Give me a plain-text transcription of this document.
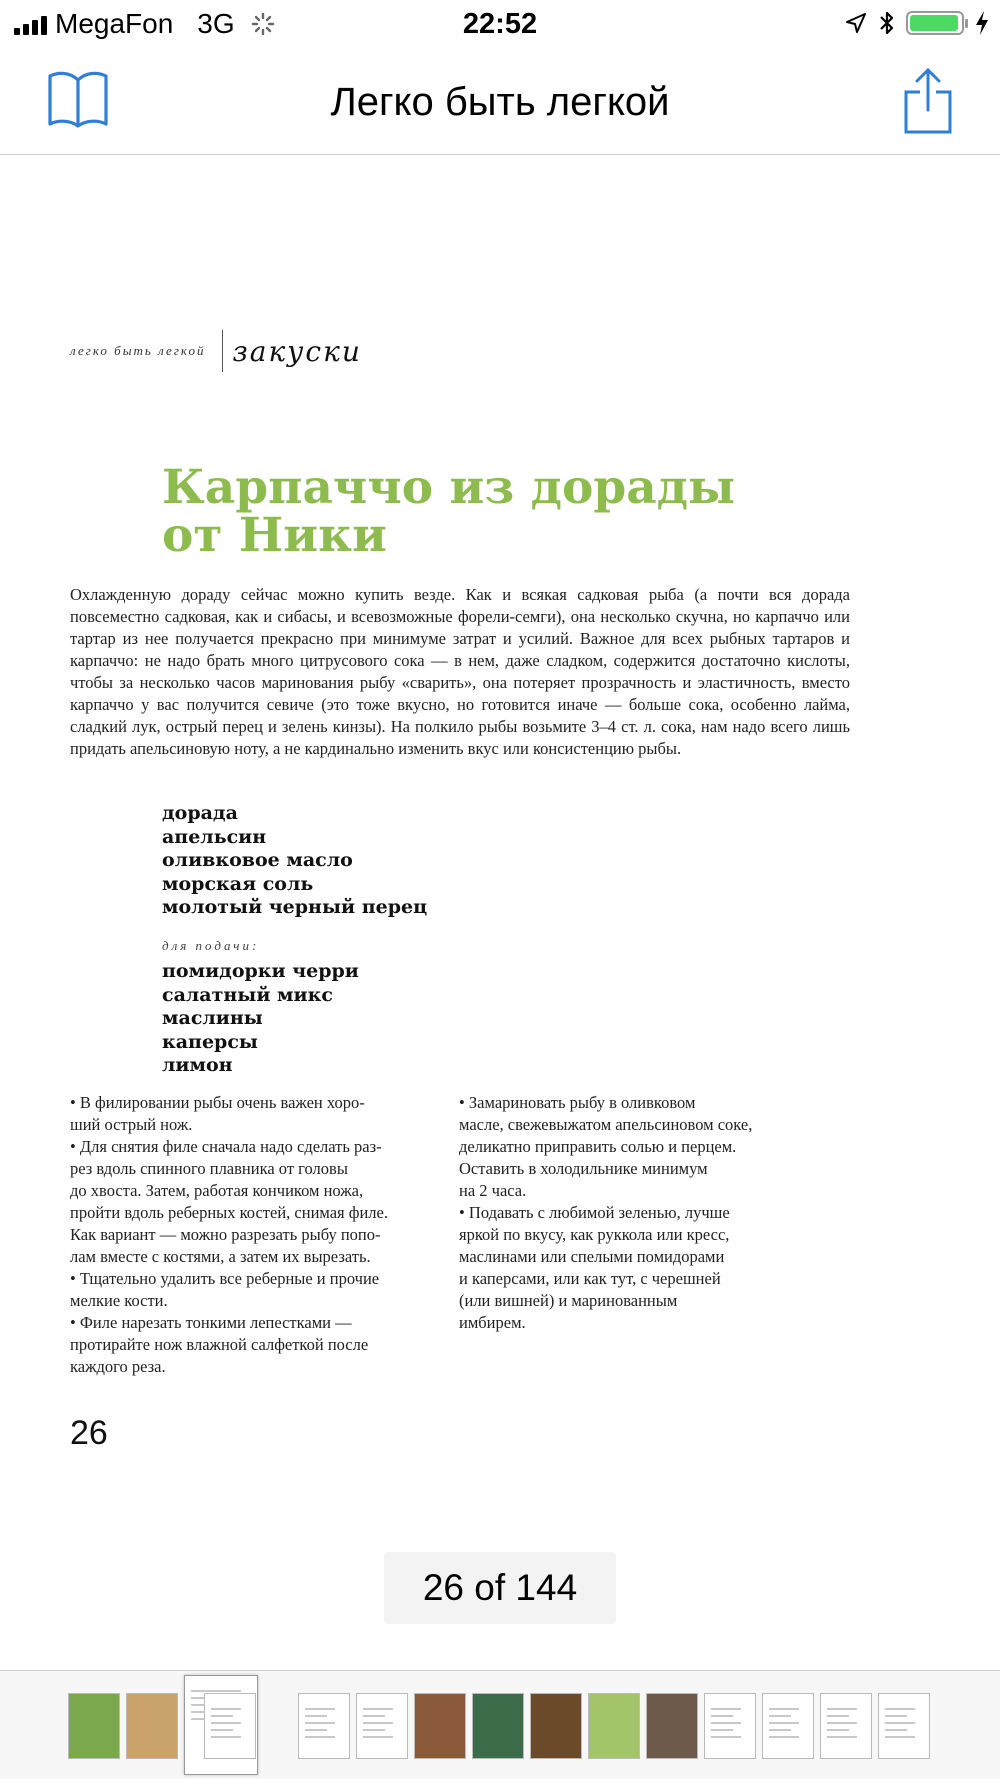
MegaFon 3G	22:52
Легко быть легкой
легко быть легкой закуски
Карпаччо из дорады
от Ники

Охлажденную дораду сейчас можно купить везде. Как и всякая садковая рыба (а почти вся дорада повсеместно садковая, как и сибасы, и всевозможные форели-семги), она несколько скучна, но карпаччо или тартар из нее получается прекрасно при минимуме затрат и усилий. Важное для всех рыбных тартаров и карпаччо: не надо брать много цитрусового сока — в нем, даже сладком, содержится достаточно кислоты, чтобы за несколько часов маринования рыбу «сварить», она потеряет прозрачность и эластичность, вместо карпаччо у вас получится севиче (это тоже вкусно, но готовится иначе — больше сока, особенно лайма, сладкий лук, острый перец и зелень кинзы). На полкило рыбы возьмите 3–4 ст. л. сока, нам надо всего лишь придать апельсиновую ноту, а не кардинально изменить вкус или консистенцию рыбы.

дорада
апельсин
оливковое масло
морская соль
молотый черный перец
для подачи:
помидорки черри
салатный микс
маслины
каперсы
лимон
• В филировании рыбы очень важен хоро-
ший острый нож.
• Для снятия филе сначала надо сделать раз-
рез вдоль спинного плавника от головы
до хвоста. Затем, работая кончиком ножа,
пройти вдоль реберных костей, снимая филе.
Как вариант — можно разрезать рыбу попо-
лам вместе с костями, а затем их вырезать.
• Тщательно удалить все реберные и прочие
мелкие кости.
• Филе нарезать тонкими лепестками —
протирайте нож влажной салфеткой после
каждого реза.
• Замариновать рыбу в оливковом
масле, свежевыжатом апельсиновом соке,
деликатно приправить солью и перцем.
Оставить в холодильнике минимум
на 2 часа.
• Подавать с любимой зеленью, лучше
яркой по вкусу, как руккола или кресс,
маслинами или спелыми помидорами
и каперсами, или как тут, с черешней
(или вишней) и маринованным
имбирем.
26
26 of 144
